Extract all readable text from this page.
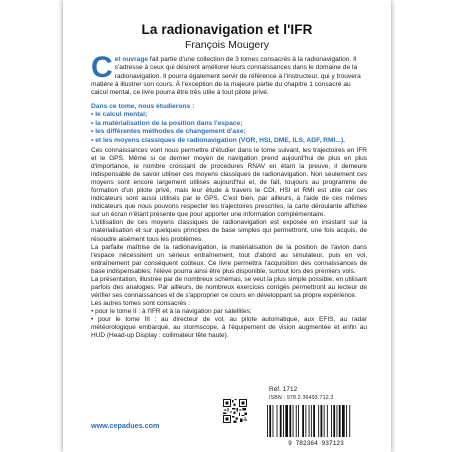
La radionavigation et l'IFR
François Mougery
Cet ouvrage fait partie d'une collection de 3 tomes consacrés à la radionavigation. Il s'adresse à ceux qui désirent améliorer leurs connaissances dans le domaine de la radionavigation. Il pourra également servir de référence à l'instructeur, qui y trouvera matière à illustrer son cours. À l'exception de la majeure partie du chapitre 1 consacré au calcul mental, ce livre pourra être très utile à tout pilote privé.
Dans ce tome, nous étudierons :
• le calcul mental;
• la matérialisation de la position dans l'espace;
• les différentes méthodes de changement d'axe;
• et les moyens classiques de radionavigation (VOR, HSI, DME, ILS, ADF, RMI...).

Ces connaissances vont nous permettre d'étudier dans le tome suivant, les trajectoires en IFR et le GPS. Même si ce dernier moyen de navigation prend aujourd'hui de plus en plus d'importance, le nombre croissant de procédures RNAV en étant la preuve, il demeure indispensable de savoir utiliser ces moyens classiques de radionavigation. Non seulement ces moyens sont encore largement utilisés aujourd'hui et, de fait, toujours au programme de formation d'un pilote privé, mais leur étude à travers le CDI, HSI et RMI est utile car ces indicateurs sont aussi utilisés par le GPS. C'est bien, par ailleurs, à l'aide de ces mêmes indicateurs que nous pouvons respecter les trajectoires prescrites, la carte déroulante affichée sur un écran n'étant présente que pour apporter une information complémentaire.

L'utilisation de ces moyens classiques de radionavigation est exposée en insistant sur la matérialisation et sur quelques principes de base simples qui permettront, une fois acquis, de résoudre aisément tous les problèmes.

La parfaite maîtrise de la radionavigation, la matérialisation de la position de l'avion dans l'espace nécessitent un sérieux entraînement, tout d'abord au simulateur, puis en vol, entraînement par conséquent coûteux. Ce livre permettra l'acquisition des connaissances de base indispensables; l'élève pourra ainsi être plus disponible, surtout lors des premiers vols.

La présentation, illustrée par de nombreux schémas, se veut la plus simple possible, en utilisant parfois des analogies. Par ailleurs, de nombreux exercices corrigés permettront au lecteur de vérifier ses connaissances et de s'approprier ce cours en développant sa propre expérience.

Les autres tomes sont consacrés :

• pour le tome II : à l'IFR et à la navigation par satellites;

• pour le tome III : au directeur de vol, au pilote automatique, aux EFIS, au radar météorologique embarqué, au stormscope, à l'équipement de vision augmentée et enfin au HUD (Head-up Display : collimateur tête haute).

Réf. 1712
ISBN : 978.2.36493.712.3
9 782364 937123
www.cepadues.com
